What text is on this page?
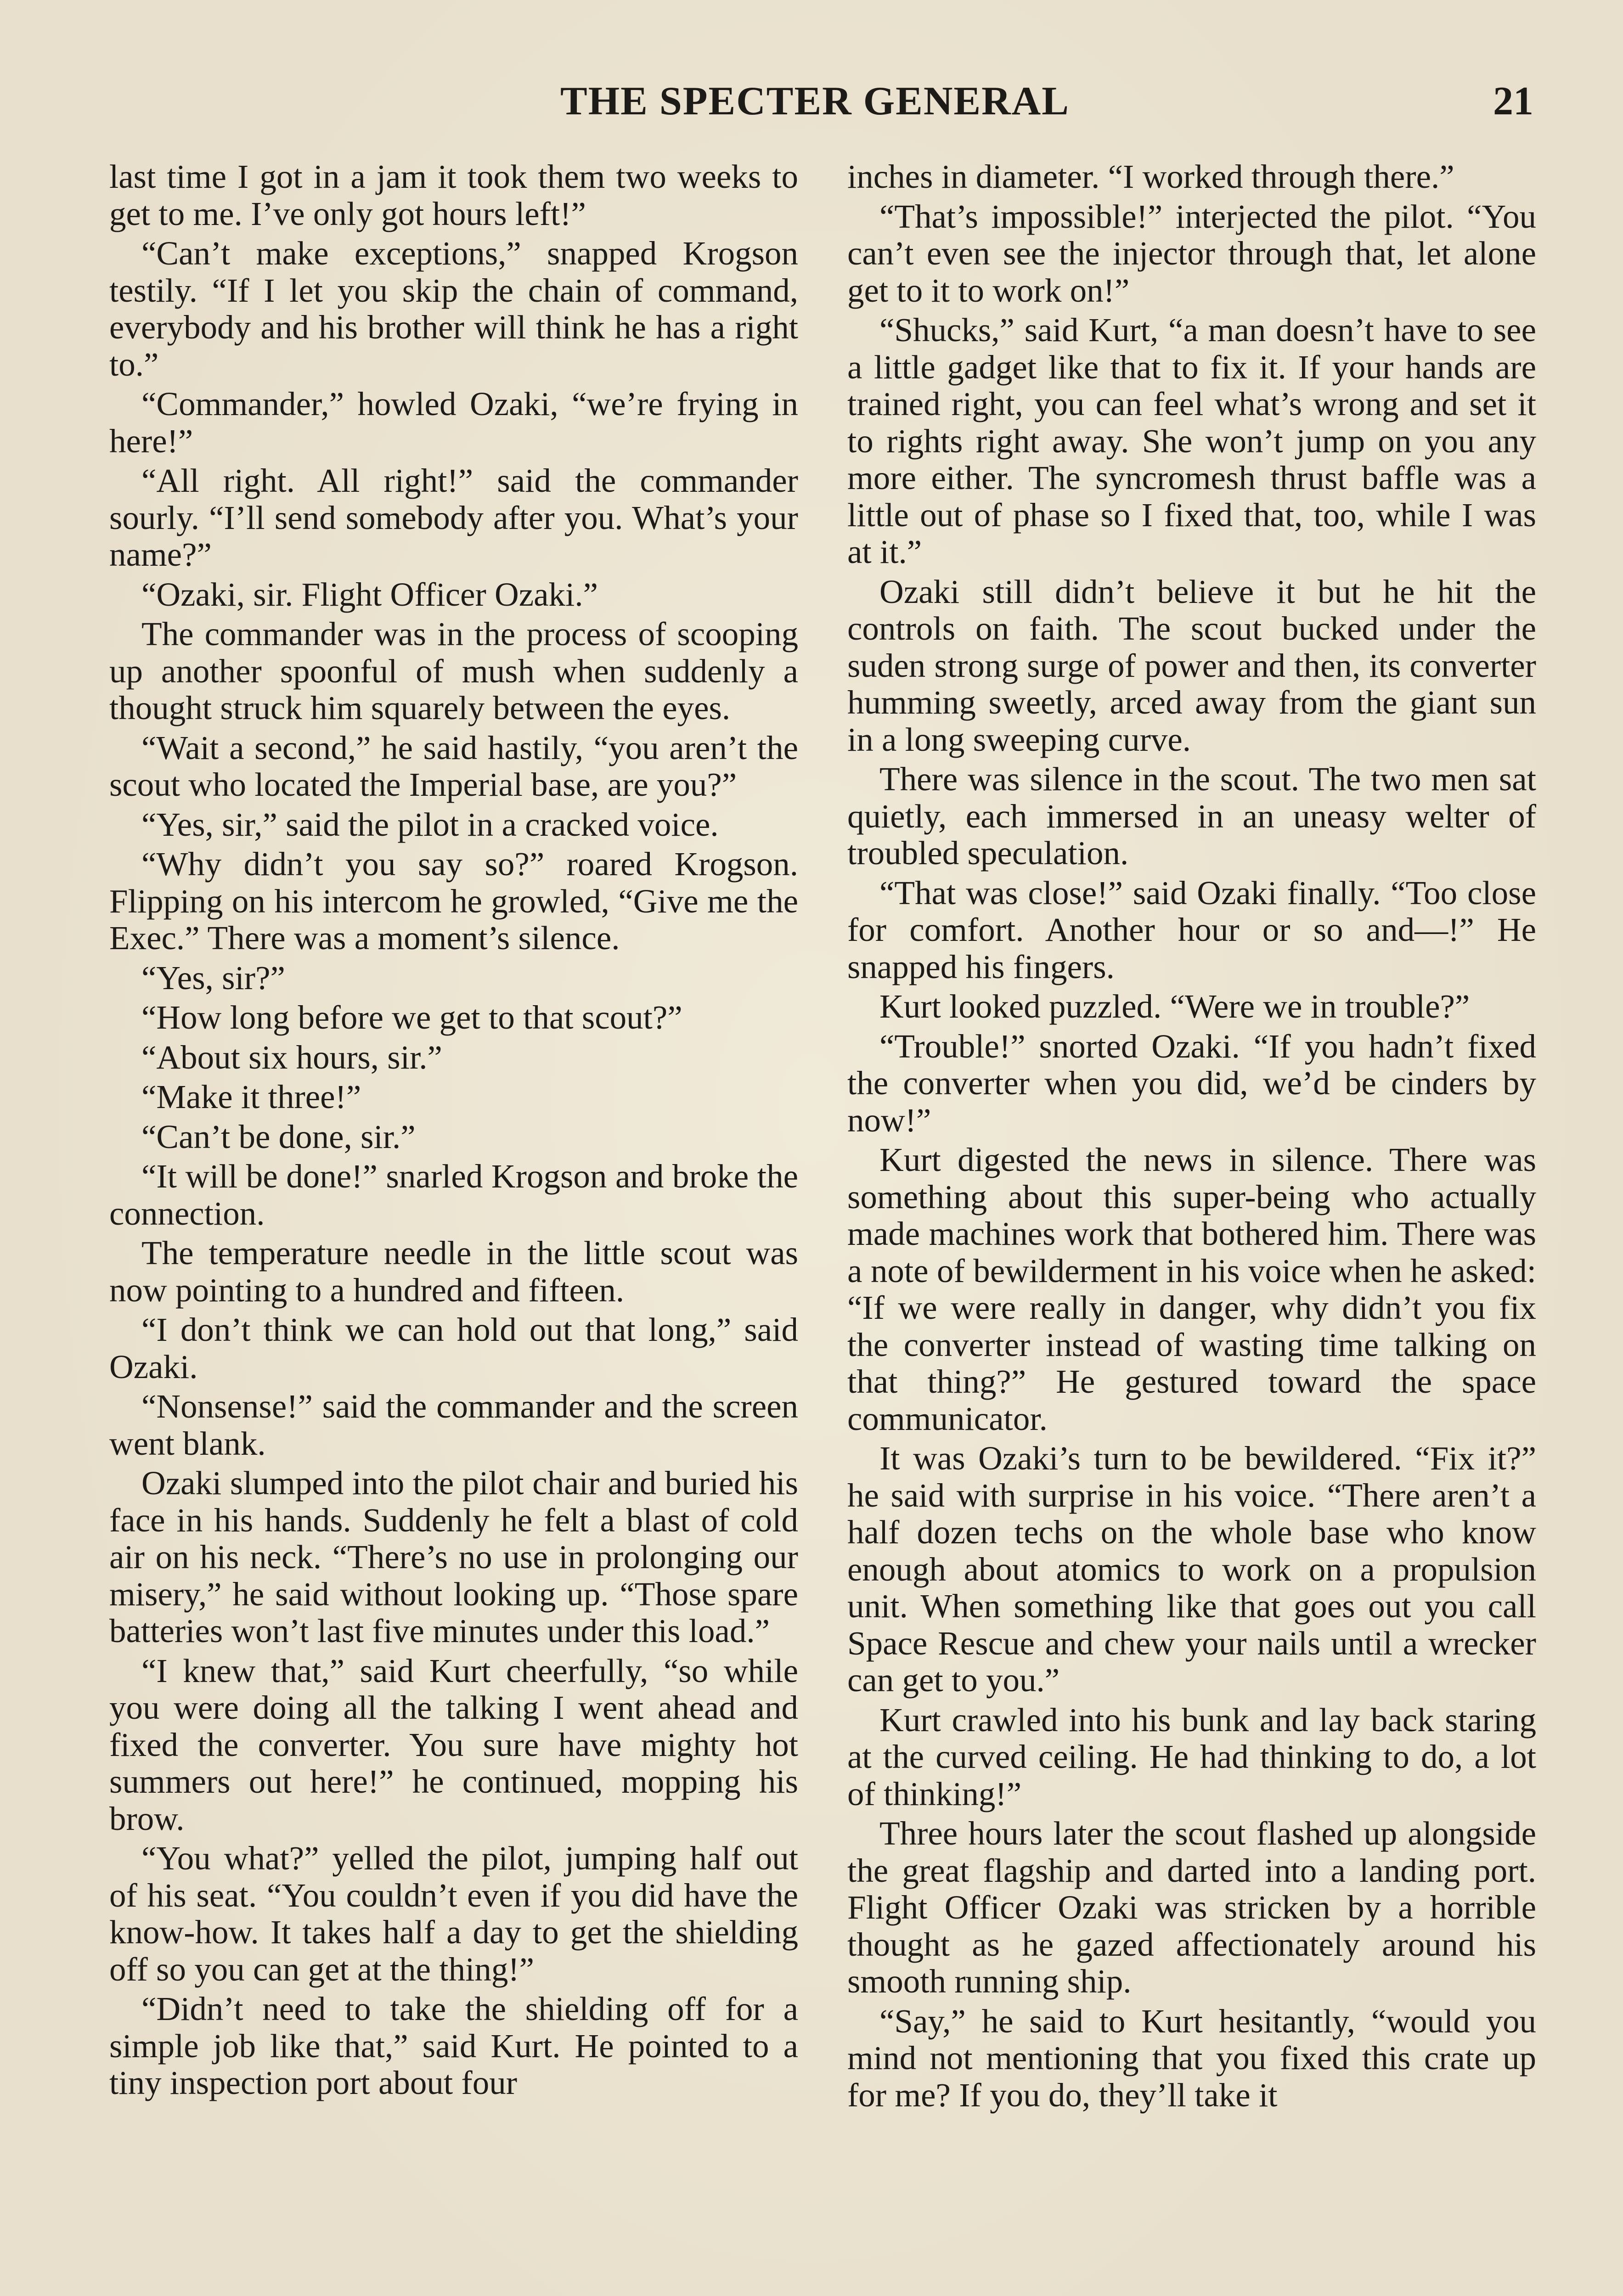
THE SPECTER GENERAL	21

last time I got in a jam it took them two weeks to get to me. I’ve only got hours left!”

“Can’t make exceptions,” snapped Krogson testily. “If I let you skip the chain of command, everybody and his brother will think he has a right to.”

“Commander,” howled Ozaki, “we’re frying in here!”

“All right. All right!” said the commander sourly. “I’ll send somebody after you. What’s your name?”

“Ozaki, sir. Flight Officer Ozaki.”

The commander was in the process of scooping up another spoonful of mush when suddenly a thought struck him squarely between the eyes.

“Wait a second,” he said hastily, “you aren’t the scout who located the Imperial base, are you?”

“Yes, sir,” said the pilot in a cracked voice.

“Why didn’t you say so?” roared Krogson. Flipping on his intercom he growled, “Give me the Exec.” There was a moment’s silence.

“Yes, sir?”

“How long before we get to that scout?”

“About six hours, sir.”

“Make it three!”

“Can’t be done, sir.”

“It will be done!” snarled Krogson and broke the connection.

The temperature needle in the little scout was now pointing to a hundred and fifteen.

“I don’t think we can hold out that long,” said Ozaki.

“Nonsense!” said the commander and the screen went blank.

Ozaki slumped into the pilot chair and buried his face in his hands. Suddenly he felt a blast of cold air on his neck. “There’s no use in prolonging our misery,” he said without looking up. “Those spare batteries won’t last five minutes under this load.”

“I knew that,” said Kurt cheerfully, “so while you were doing all the talking I went ahead and fixed the converter. You sure have mighty hot summers out here!” he continued, mopping his brow.

“You what?” yelled the pilot, jumping half out of his seat. “You couldn’t even if you did have the know-how. It takes half a day to get the shielding off so you can get at the thing!”

“Didn’t need to take the shielding off for a simple job like that,” said Kurt. He pointed to a tiny inspection port about four

inches in diameter. “I worked through there.”

“That’s impossible!” interjected the pilot. “You can’t even see the injector through that, let alone get to it to work on!”

“Shucks,” said Kurt, “a man doesn’t have to see a little gadget like that to fix it. If your hands are trained right, you can feel what’s wrong and set it to rights right away. She won’t jump on you any more either. The syncromesh thrust baffle was a little out of phase so I fixed that, too, while I was at it.”

Ozaki still didn’t believe it but he hit the controls on faith. The scout bucked under the suden strong surge of power and then, its converter humming sweetly, arced away from the giant sun in a long sweeping curve.

There was silence in the scout. The two men sat quietly, each immersed in an uneasy welter of troubled speculation.

“That was close!” said Ozaki finally. “Too close for comfort. Another hour or so and—!” He snapped his fingers.

Kurt looked puzzled. “Were we in trouble?”

“Trouble!” snorted Ozaki. “If you hadn’t fixed the converter when you did, we’d be cinders by now!”

Kurt digested the news in silence. There was something about this super-being who actually made machines work that bothered him. There was a note of bewilderment in his voice when he asked: “If we were really in danger, why didn’t you fix the converter instead of wasting time talking on that thing?” He gestured toward the space communicator.

It was Ozaki’s turn to be bewildered. “Fix it?” he said with surprise in his voice. “There aren’t a half dozen techs on the whole base who know enough about atomics to work on a propulsion unit. When something like that goes out you call Space Rescue and chew your nails until a wrecker can get to you.”

Kurt crawled into his bunk and lay back staring at the curved ceiling. He had thinking to do, a lot of thinking!”

Three hours later the scout flashed up alongside the great flagship and darted into a landing port. Flight Officer Ozaki was stricken by a horrible thought as he gazed affectionately around his smooth running ship.

“Say,” he said to Kurt hesitantly, “would you mind not mentioning that you fixed this crate up for me? If you do, they’ll take it
